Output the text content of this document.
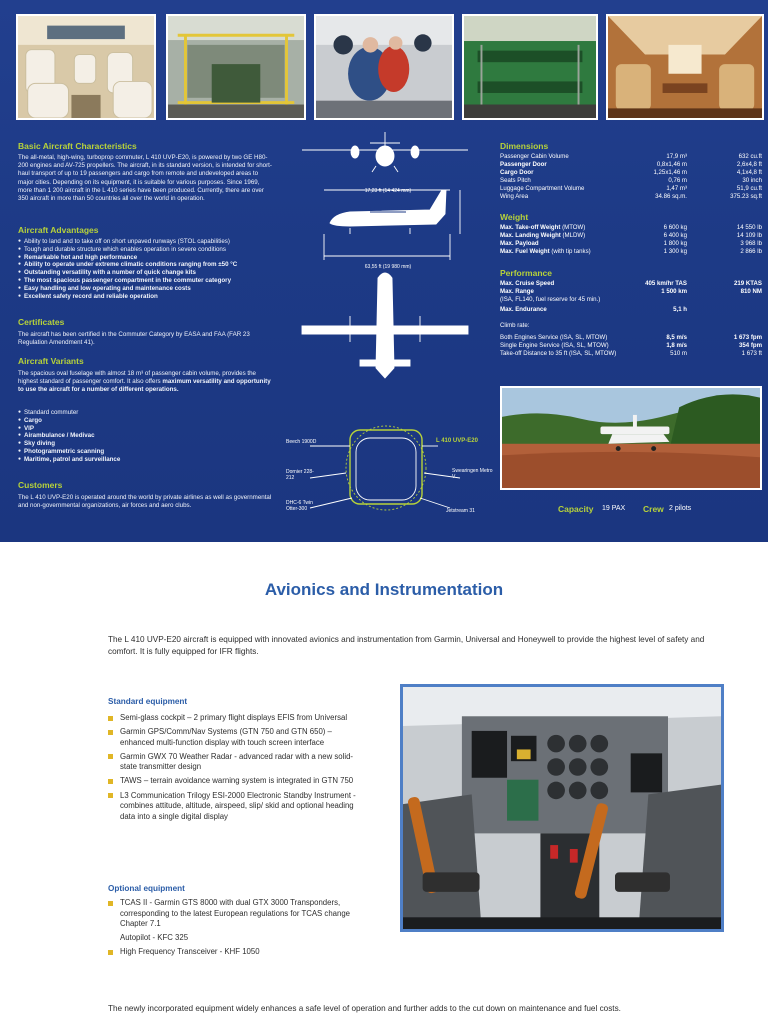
Basic Aircraft Characteristics
The all-metal, high-wing, turboprop commuter, L 410 UVP-E20, is powered by two GE H80-200 engines and AV-725 propellers. The aircraft, in its standard version, is intended for short-haul transport of up to 19 passengers and cargo from remote and undeveloped areas to major cities. Depending on its equipment, it is suitable for various purposes. Since 1969, more than 1 200 aircraft in the L 410 series have been produced. Currently, there are over 350 aircraft in more than 50 countries all over the world in operation.
Aircraft Advantages
● Ability to land and to take off on short unpaved runways (STOL capabilities)
● Tough and durable structure which enables operation in severe conditions
● Remarkable hot and high performance
● Ability to operate under extreme climatic conditions ranging from ±50 °C
● Outstanding versatility with a number of quick change kits
● The most spacious passenger compartment in the commuter category
● Easy handling and low operating and maintenance costs
● Excellent safety record and reliable operation
Certificates
The aircraft has been certified in the Commuter Category by EASA and FAA (FAR 23 Regulation Amendment 41).
Aircraft Variants
The spacious oval fuselage with almost 18 m³ of passenger cabin volume, provides the highest standard of passenger comfort. It also offers maximum versatility and opportunity to use the aircraft for a number of different operations.
● Standard commuter
● Cargo
● VIP
● Airambulance / Medivac
● Sky diving
● Photogrammetric scanning
● Maritime, patrol and surveillance
Customers
The L 410 UVP-E20 is operated around the world by private airlines as well as governmental and non-governmental organizations, air forces and aero clubs.
17,23 ft (14 424 mm)
63,55 ft (19 980 mm)
Beech 1900D	L 410 UVP-E20
Dornier 228-212
Swearingen Metro V
DHC-6 Twin Otter-300	Jetstream 31
Dimensions
Passenger Cabin Volume	17,9 m³	632 cu.ft
Passenger Door	0,8x1,46 m	2,6x4,8 ft
Cargo Door	1,25x1,46 m	4,1x4,8 ft
Seats Pitch	0,76 m	30 inch
Luggage Compartment Volume	1,47 m³	51,9 cu.ft
Wing Area	34.86 sq.m.	375.23 sq.ft
Weight
Max. Take-off Weight (MTOW)	6 600 kg	14 550 lb
Max. Landing Weight (MLDW)	6 400 kg	14 109 lb
Max. Payload	1 800 kg	3 968 lb
Max. Fuel Weight (with tip tanks)	1 300 kg	2 866 lb
Performance
Max. Cruise Speed	405 km/hr TAS	219 KTAS
Max. Range	1 500 km	810 NM
(ISA, FL140, fuel reserve for 45 min.)
Max. Endurance	5,1 h
Climb rate:
Both Engines Service (ISA, SL, MTOW)	8,5 m/s	1 673 fpm
Single Engine Service (ISA, SL, MTOW)	1,8 m/s	354 fpm
Take-off Distance to 35 ft (ISA, SL, MTOW)	510 m	1 673 ft
Capacity 19 PAX Crew 2 pilots
Avionics and Instrumentation
The L 410 UVP-E20 aircraft is equipped with innovated avionics and instrumentation from Garmin, Universal and Honeywell to provide the highest level of safety and comfort. It is fully equipped for IFR flights.
Standard equipment
Semi-glass cockpit – 2 primary flight displays EFIS from Universal
Garmin GPS/Comm/Nav Systems (GTN 750 and GTN 650) – enhanced multi-function display with touch screen interface
Garmin GWX 70 Weather Radar - advanced radar with a new solid-state transmitter design
TAWS – terrain avoidance warning system is integrated in GTN 750
L3 Communication Trilogy ESI-2000 Electronic Standby Instrument - combines attitude, altitude, airspeed, slip/ skid and optional heading data into a single digital display
Optional equipment
TCAS II - Garmin GTS 8000 with dual GTX 3000 Transponders, corresponding to the latest European regulations for TCAS change Chapter 7.1
Autopilot - KFC 325
High Frequency Transceiver - KHF 1050
The newly incorporated equipment widely enhances a safe level of operation and further adds to the cut down on maintenance and fuel costs.
